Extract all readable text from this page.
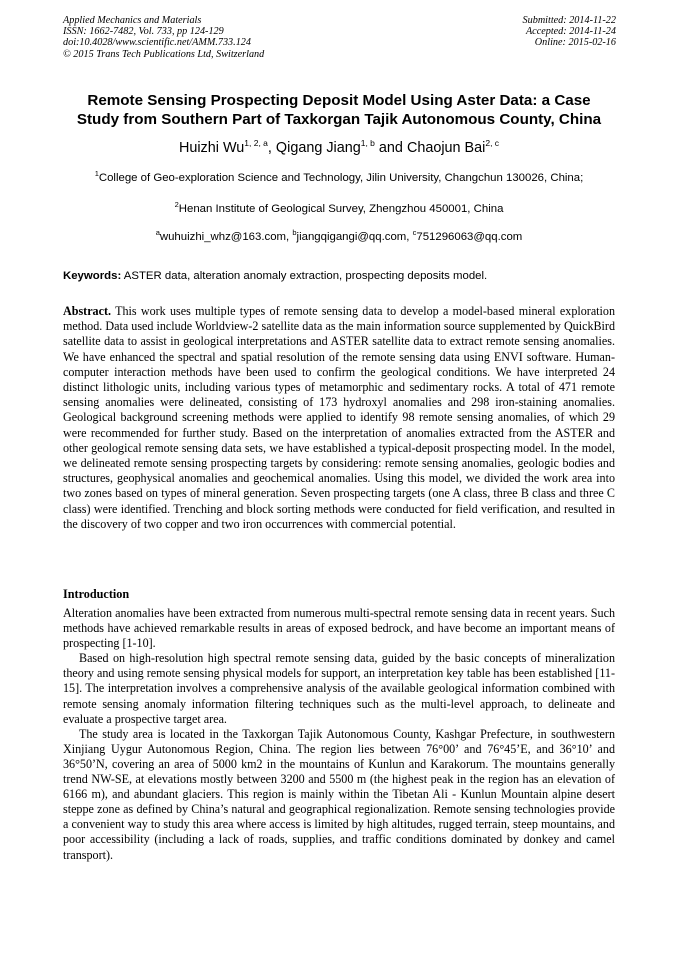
Applied Mechanics and Materials
ISSN: 1662-7482, Vol. 733, pp 124-129
doi:10.4028/www.scientific.net/AMM.733.124
© 2015 Trans Tech Publications Ltd, Switzerland
Submitted: 2014-11-22
Accepted: 2014-11-24
Online: 2015-02-16
Remote Sensing Prospecting Deposit Model Using Aster Data: a Case
Study from Southern Part of Taxkorgan Tajik Autonomous County, China
Huizhi Wu$^{1, 2, a}$, Qigang Jiang$^{1, b}$ and Chaojun Bai$^{2, c}$
$^1$College of Geo-exploration Science and Technology, Jilin University, Changchun 130026, China;
$^2$Henan Institute of Geological Survey, Zhengzhou 450001, China
$^a$wuhuizhi_whz@163.com, $^b$jiangqigangi@qq.com, $^c$751296063@qq.com
Keywords: ASTER data, alteration anomaly extraction, prospecting deposits model.
Abstract. This work uses multiple types of remote sensing data to develop a model-based mineral exploration method. Data used include Worldview-2 satellite data as the main information source supplemented by QuickBird satellite data to assist in geological interpretations and ASTER satellite data to extract remote sensing anomalies. We have enhanced the spectral and spatial resolution of the remote sensing data using ENVI software. Human-computer interaction methods have been used to confirm the geological conditions. We have interpreted 24 distinct lithologic units, including various types of metamorphic and sedimentary rocks. A total of 471 remote sensing anomalies were delineated, consisting of 173 hydroxyl anomalies and 298 iron-staining anomalies. Geological background screening methods were applied to identify 98 remote sensing anomalies, of which 29 were recommended for further study. Based on the interpretation of anomalies extracted from the ASTER and other geological remote sensing data sets, we have established a typical-deposit prospecting model. In the model, we delineated remote sensing prospecting targets by considering: remote sensing anomalies, geologic bodies and structures, geophysical anomalies and geochemical anomalies. Using this model, we divided the work area into two zones based on types of mineral generation. Seven prospecting targets (one A class, three B class and three C class) were identified. Trenching and block sorting methods were conducted for field verification, and resulted in the discovery of two copper and two iron occurrences with commercial potential.
Introduction

Alteration anomalies have been extracted from numerous multi-spectral remote sensing data in recent years. Such methods have achieved remarkable results in areas of exposed bedrock, and have become an important means of prospecting [1-10].

Based on high-resolution high spectral remote sensing data, guided by the basic concepts of mineralization theory and using remote sensing physical models for support, an interpretation key table has been established [11-15]. The interpretation involves a comprehensive analysis of the available geological information combined with remote sensing anomaly information filtering techniques such as the multi-level approach, to delineate and evaluate a prospective target area.

The study area is located in the Taxkorgan Tajik Autonomous County, Kashgar Prefecture, in southwestern Xinjiang Uygur Autonomous Region, China. The region lies between 76°00’ and 76°45’E, and 36°10’ and 36°50’N, covering an area of 5000 km2 in the mountains of Kunlun and Karakorum. The mountains generally trend NW-SE, at elevations mostly between 3200 and 5500 m (the highest peak in the region has an elevation of 6166 m), and abundant glaciers. This region is mainly within the Tibetan Ali - Kunlun Mountain alpine desert steppe zone as defined by China’s natural and geographical regionalization. Remote sensing technologies provide a convenient way to study this area where access is limited by high altitudes, rugged terrain, steep mountains, and poor accessibility (including a lack of roads, supplies, and traffic conditions dominated by donkey and camel transport).
